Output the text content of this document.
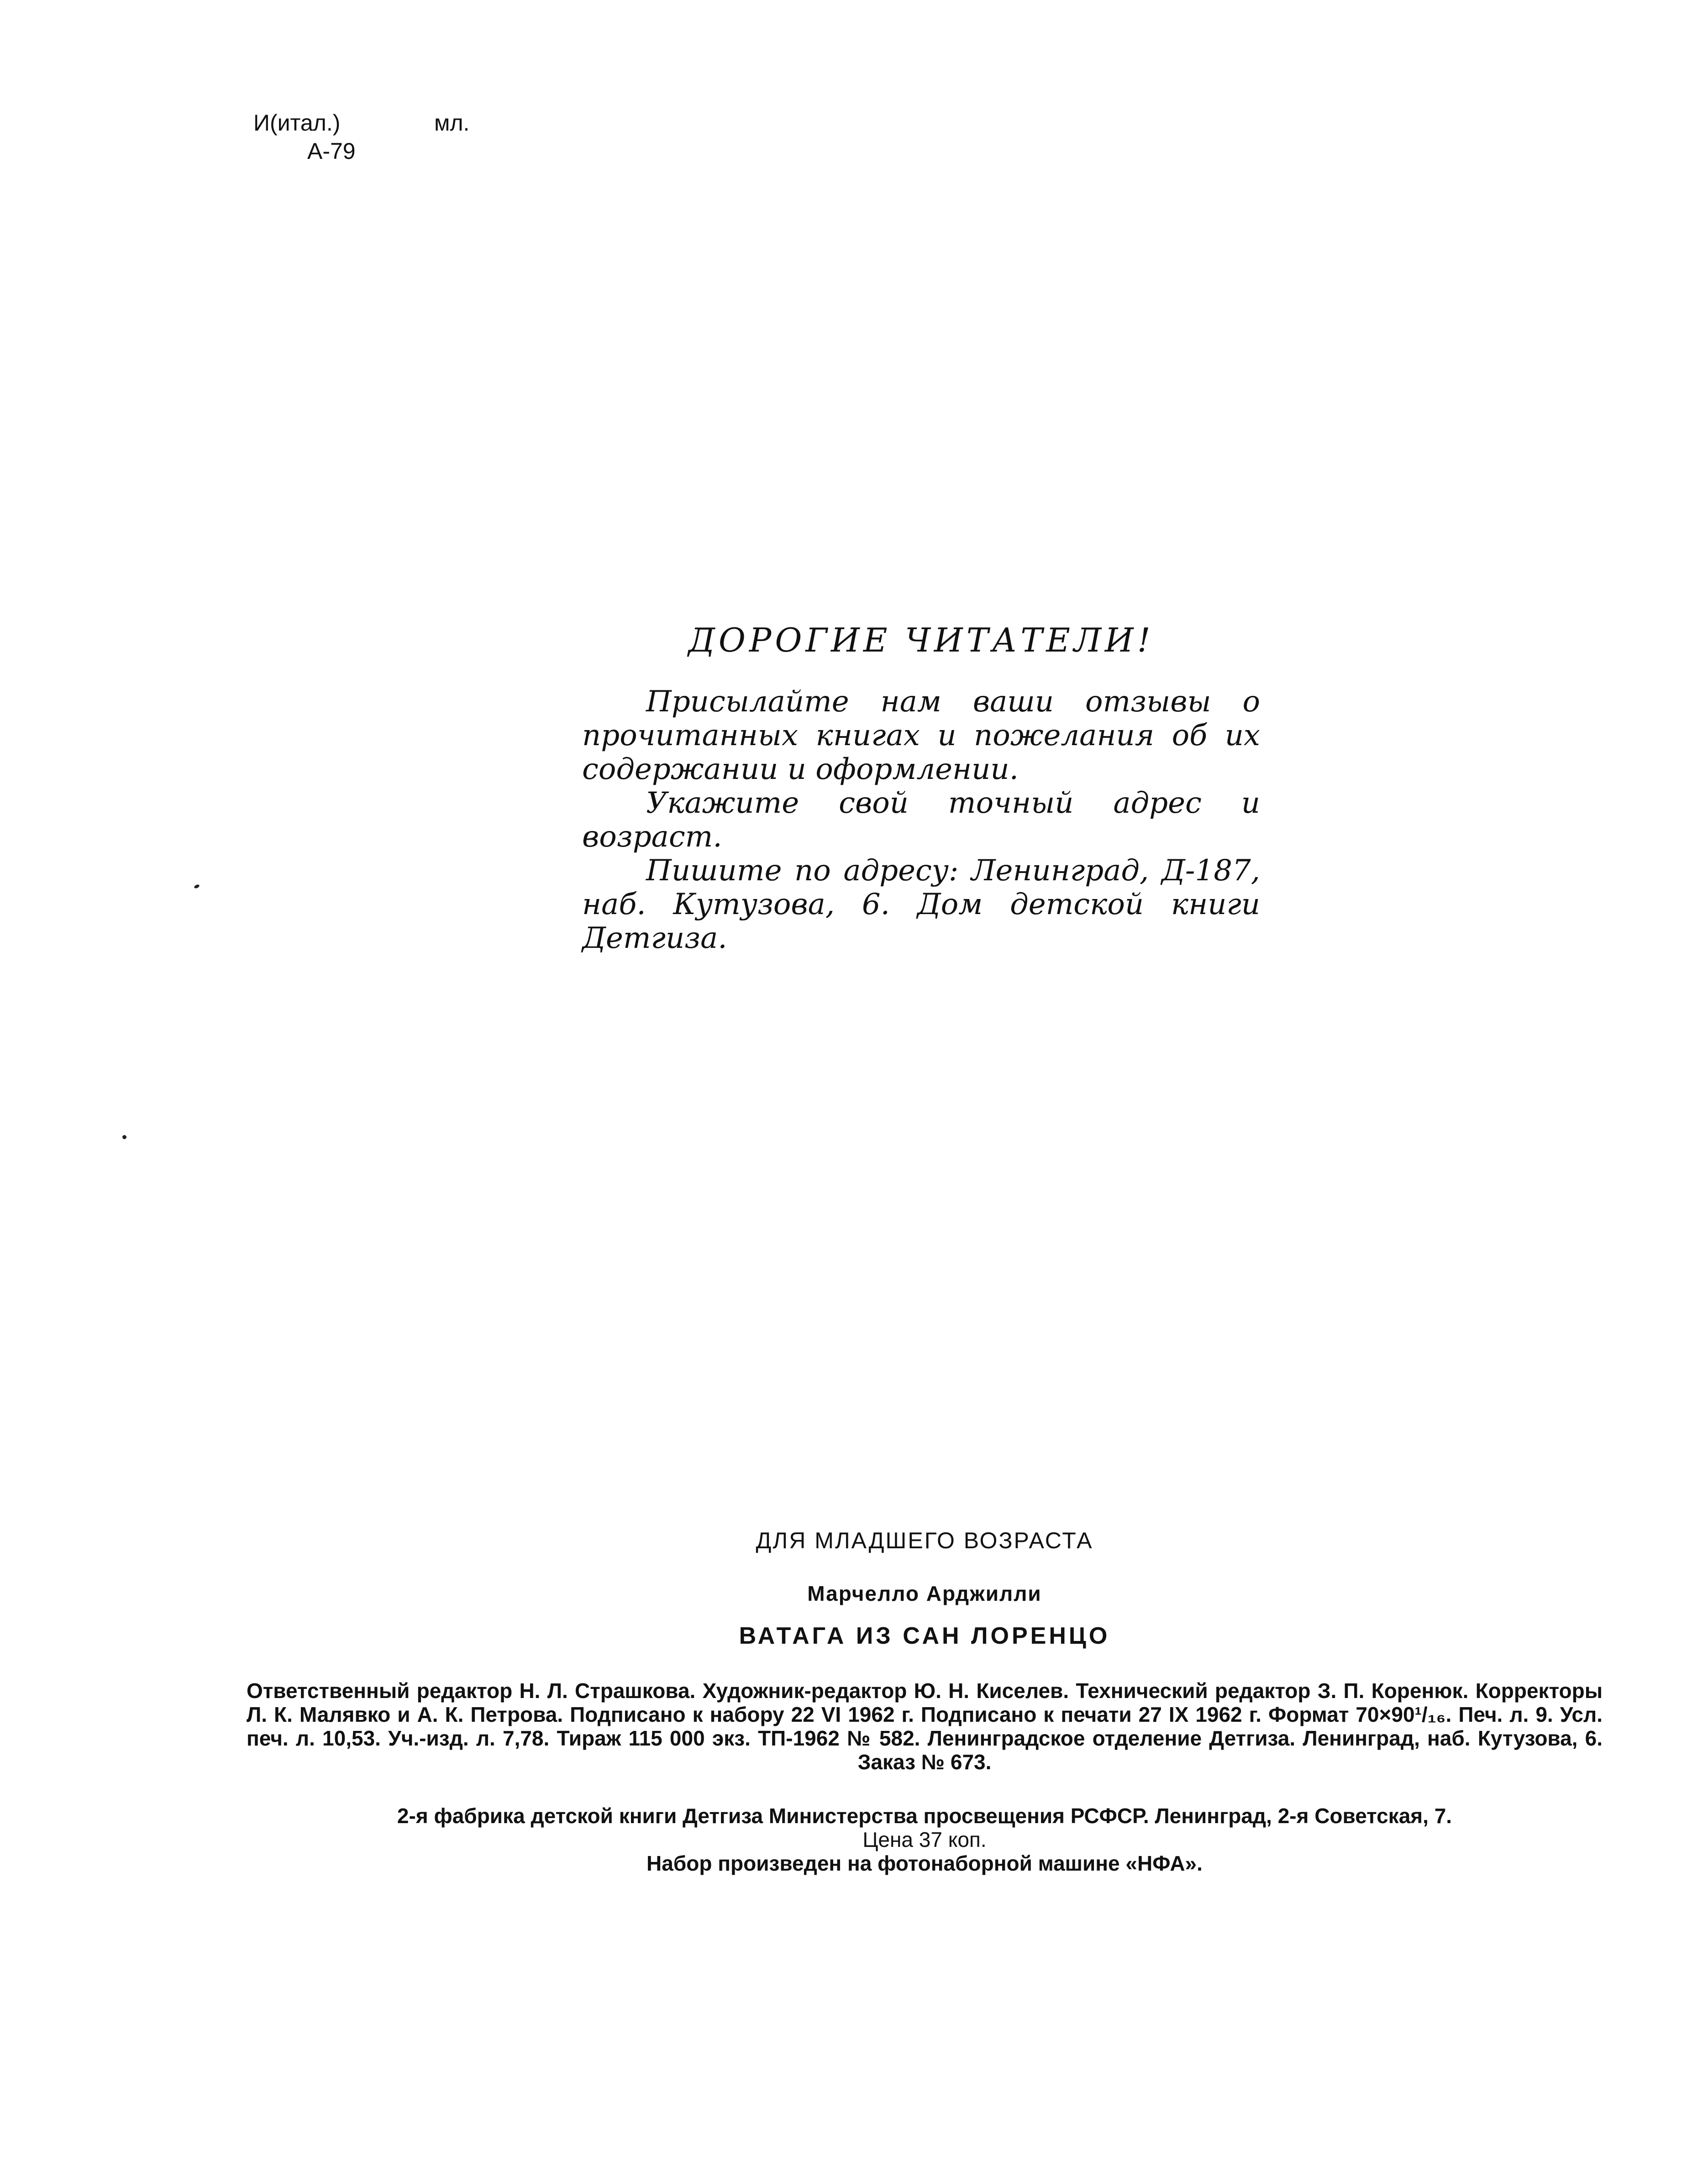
И(итал.)	мл.
А-79
ДОРОГИЕ ЧИТАТЕЛИ!

Присылайте нам ваши отзывы о прочитанных книгах и пожелания об их содержании и оформлении.

Укажите свой точный адрес и возраст.

Пишите по адресу: Ленинград, Д-187, наб. Кутузова, 6. Дом детской книги Детгиза.

ДЛЯ МЛАДШЕГО ВОЗРАСТА
Марчелло Арджилли
ВАТАГА ИЗ САН ЛОРЕНЦО

Ответственный редактор Н. Л. Страшкова. Художник-редактор Ю. Н. Киселев. Технический редактор З. П. Коренюк. Корректоры Л. К. Малявко и А. К. Петрова. Подписано к набору 22 VI 1962 г. Подписано к печати 27 IX 1962 г. Формат 70×90¹/₁₆. Печ. л. 9. Усл. печ. л. 10,53. Уч.-изд. л. 7,78. Тираж 115 000 экз. ТП-1962 № 582. Ленинградское отделение Детгиза. Ленинград, наб. Кутузова, 6. Заказ № 673.

2-я фабрика детской книги Детгиза Министерства просвещения РСФСР. Ленинград, 2-я Советская, 7.
Цена 37 коп.
Набор произведен на фотонаборной машине «НФА».
